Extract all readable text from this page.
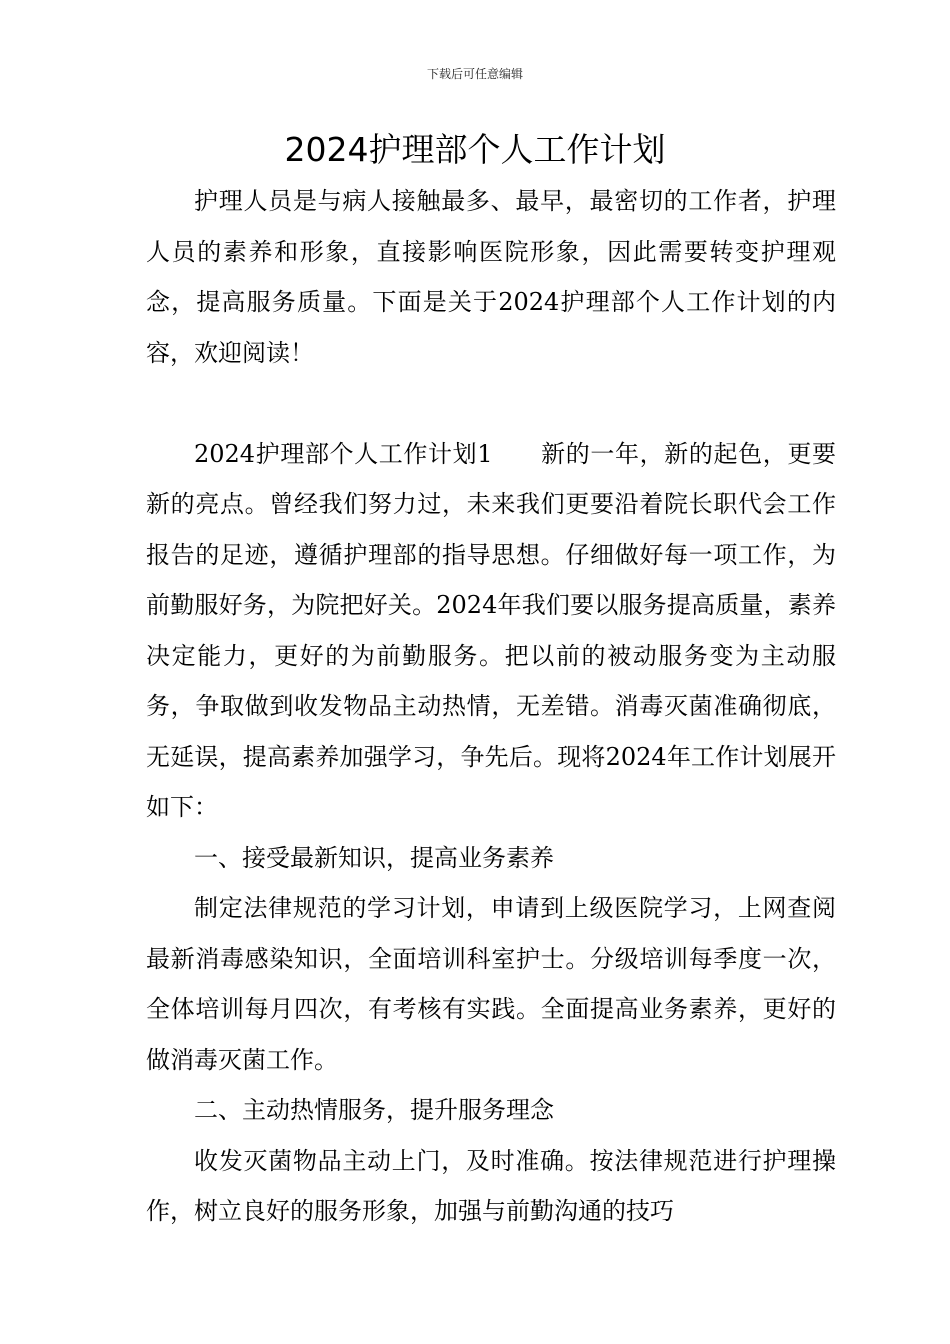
下载后可任意编辑
2024护理部个人工作计划

护理人员是与病人接触最多、最早，最密切的工作者，护理人员的素养和形象，直接影响医院形象，因此需要转变护理观念，提高服务质量。下面是关于2024护理部个人工作计划的内容，欢迎阅读！

2024护理部个人工作计划1 新的一年，新的起色，更要新的亮点。曾经我们努力过，未来我们更要沿着院长职代会工作报告的足迹，遵循护理部的指导思想。仔细做好每一项工作，为前勤服好务，为院把好关。2024年我们要以服务提高质量，素养决定能力，更好的为前勤服务。把以前的被动服务变为主动服务，争取做到收发物品主动热情，无差错。消毒灭菌准确彻底，无延误，提高素养加强学习，争先后。现将2024年工作计划展开如下：

一、接受最新知识，提高业务素养

制定法律规范的学习计划，申请到上级医院学习，上网查阅最新消毒感染知识，全面培训科室护士。分级培训每季度一次，全体培训每月四次，有考核有实践。全面提高业务素养，更好的做消毒灭菌工作。

二、主动热情服务，提升服务理念

收发灭菌物品主动上门，及时准确。按法律规范进行护理操作，树立良好的服务形象，加强与前勤沟通的技巧
